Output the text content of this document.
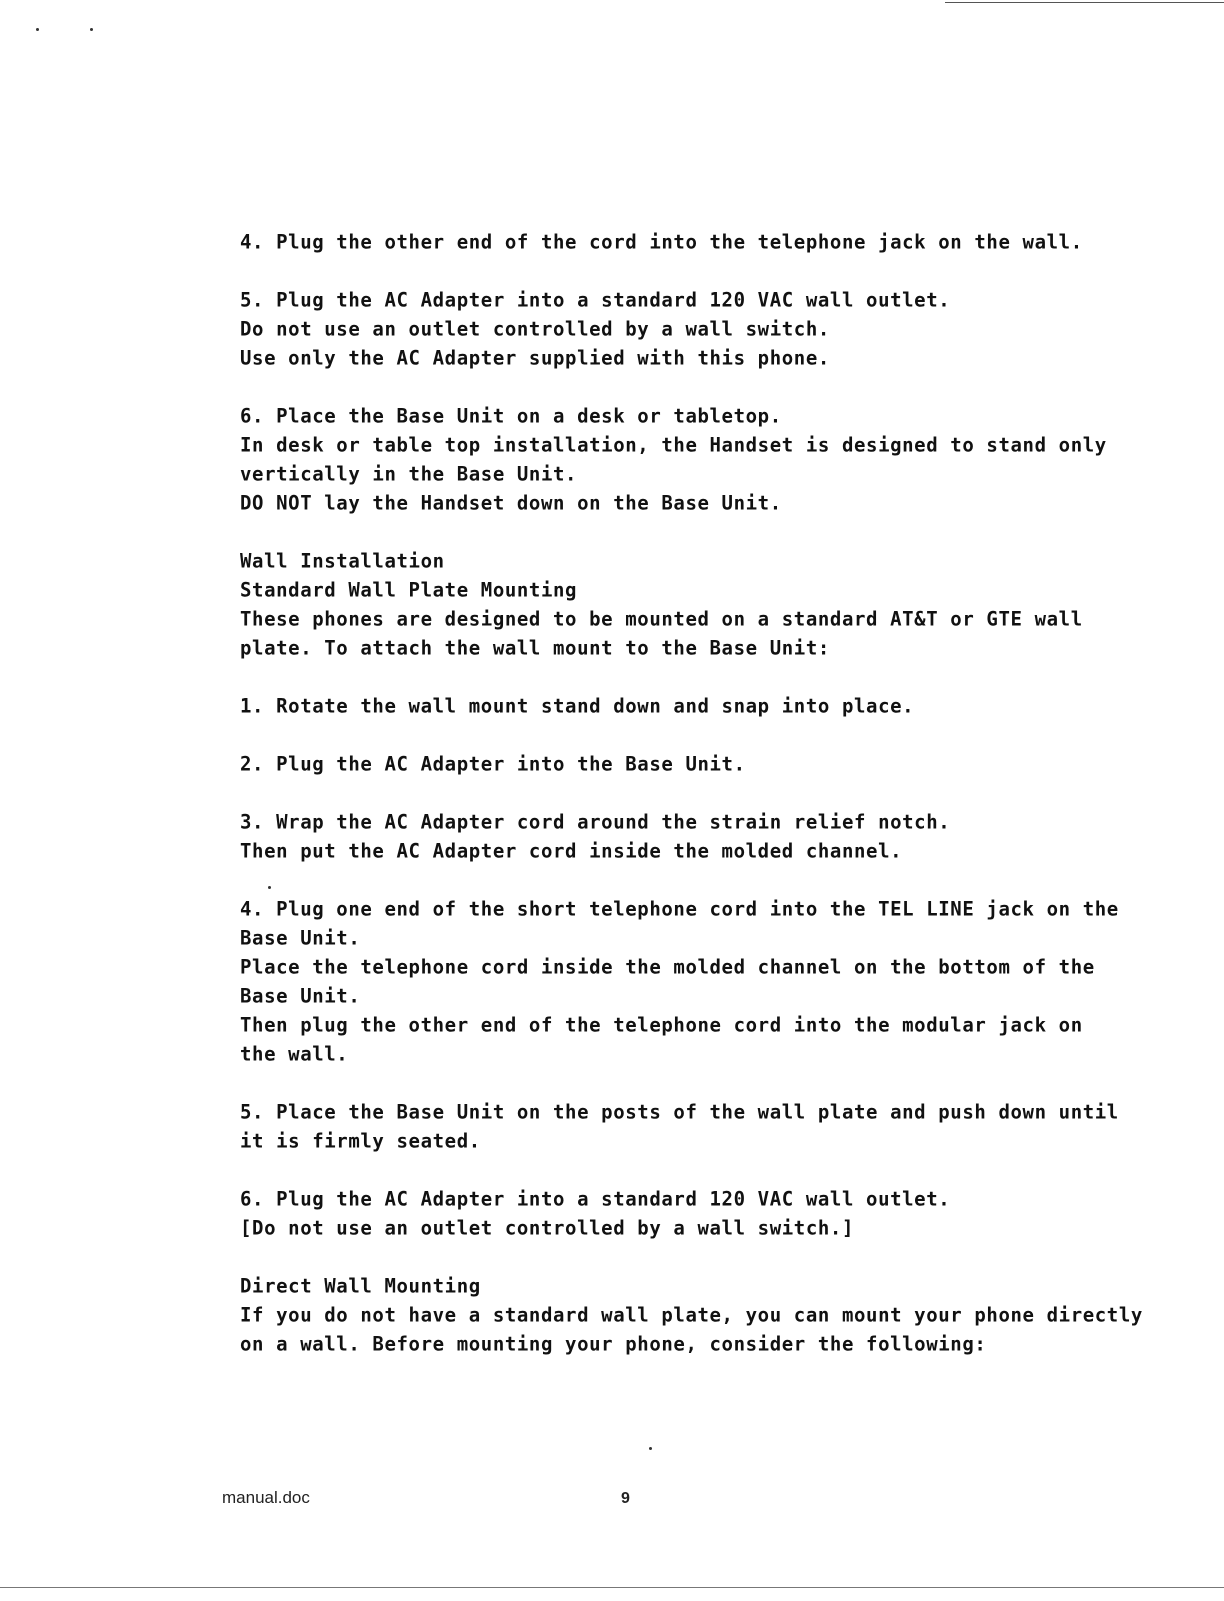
4. Plug the other end of the cord into the telephone jack on the wall.
5. Plug the AC Adapter into a standard 120 VAC wall outlet.
Do not use an outlet controlled by a wall switch.
Use only the AC Adapter supplied with this phone.
6. Place the Base Unit on a desk or tabletop.
In desk or table top installation, the Handset is designed to stand only
vertically in the Base Unit.
DO NOT lay the Handset down on the Base Unit.
Wall Installation
Standard Wall Plate Mounting
These phones are designed to be mounted on a standard AT&T or GTE wall
plate. To attach the wall mount to the Base Unit:
1. Rotate the wall mount stand down and snap into place.
2. Plug the AC Adapter into the Base Unit.
3. Wrap the AC Adapter cord around the strain relief notch.
Then put the AC Adapter cord inside the molded channel.
4. Plug one end of the short telephone cord into the TEL LINE jack on the
Base Unit.
Place the telephone cord inside the molded channel on the bottom of the
Base Unit.
Then plug the other end of the telephone cord into the modular jack on
the wall.
5. Place the Base Unit on the posts of the wall plate and push down until
it is firmly seated.
6. Plug the AC Adapter into a standard 120 VAC wall outlet.
[Do not use an outlet controlled by a wall switch.]
Direct Wall Mounting
If you do not have a standard wall plate, you can mount your phone directly
on a wall. Before mounting your phone, consider the following:
manual.doc	9
